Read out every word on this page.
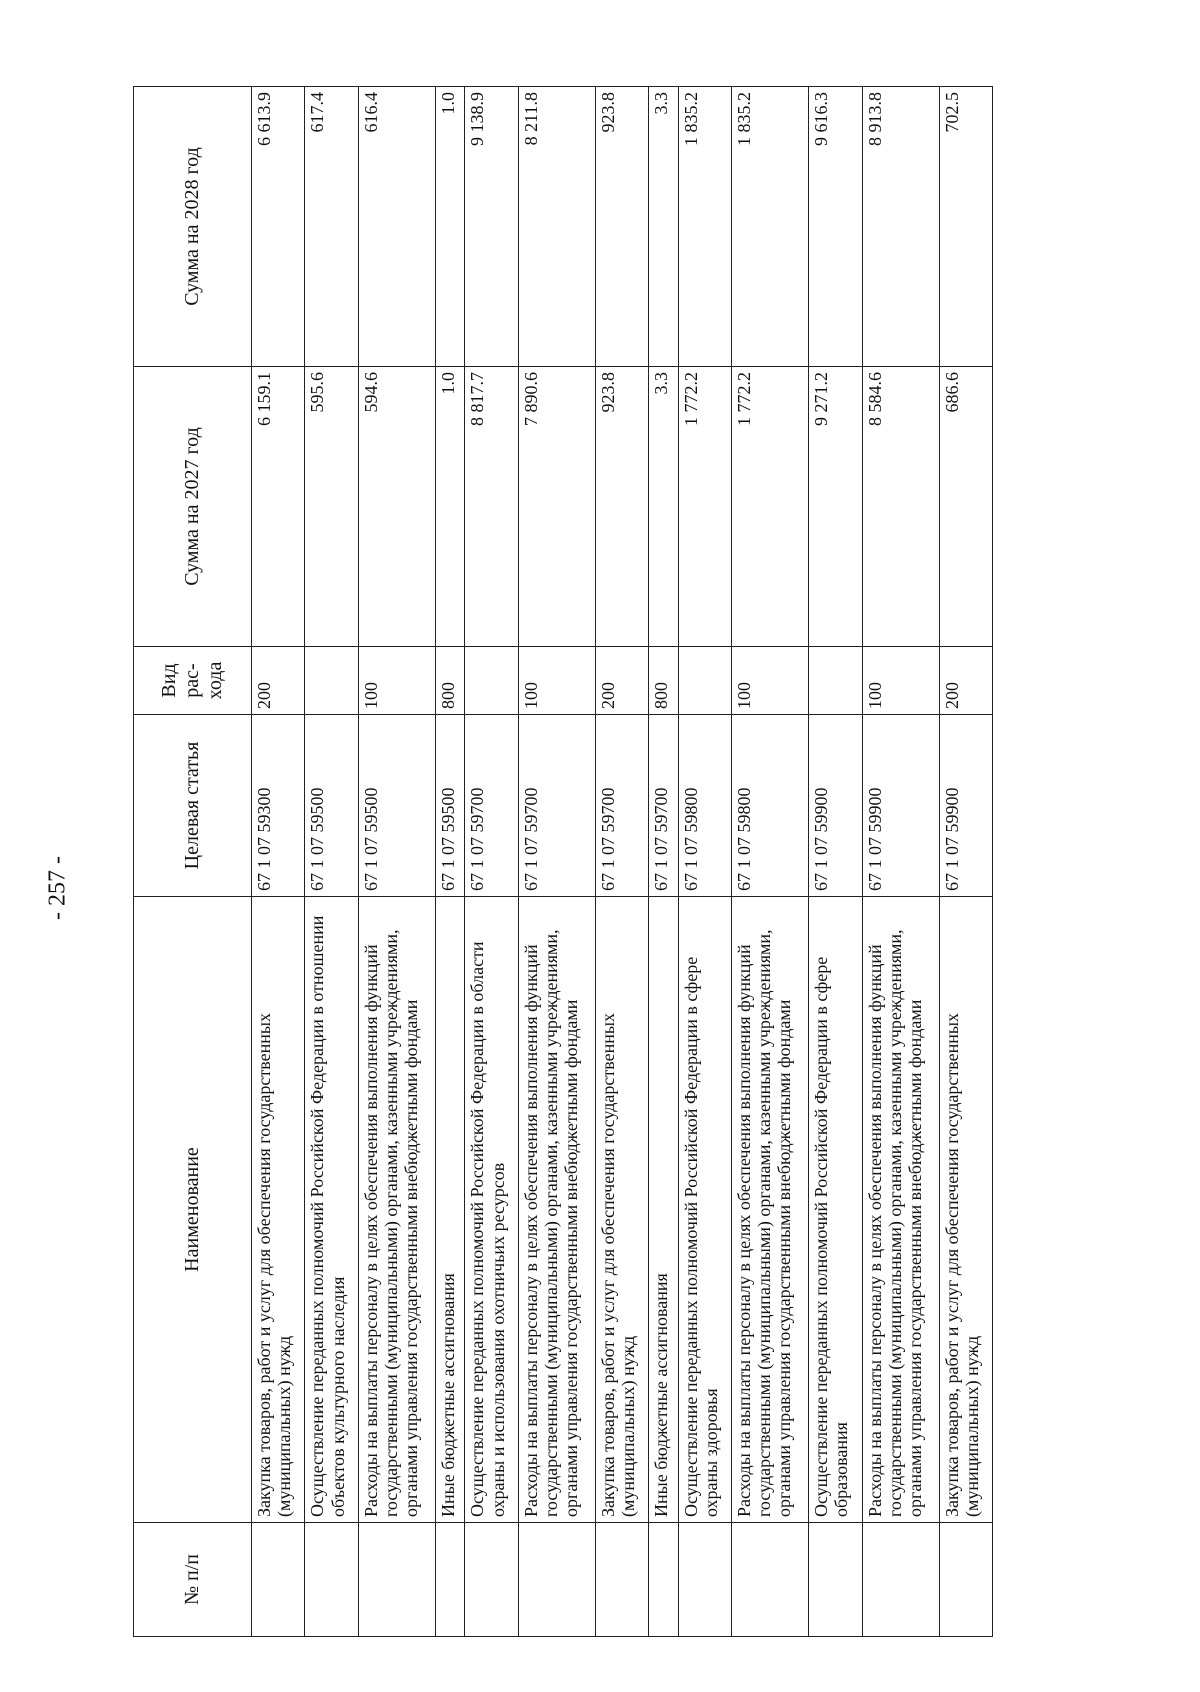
- 257 -
№ п/п	Наименование	Целевая статья	Вид рас-хода	Сумма на 2027 год	Сумма на 2028 год
	Закупка товаров, работ и услуг для обеспечения государственных (муниципальных) нужд	67 1 07 59300	200	6 159.1	6 613.9
	Осуществление переданных полномочий Российской Федерации в отношении объектов культурного наследия	67 1 07 59500		595.6	617.4
	Расходы на выплаты персоналу в целях обеспечения выполнения функций государственными (муниципальными) органами, казенными учреждениями, органами управления государственными внебюджетными фондами	67 1 07 59500	100	594.6	616.4
	Иные бюджетные ассигнования	67 1 07 59500	800	1.0	1.0
	Осуществление переданных полномочий Российской Федерации в области охраны и использования охотничьих ресурсов	67 1 07 59700		8 817.7	9 138.9
	Расходы на выплаты персоналу в целях обеспечения выполнения функций государственными (муниципальными) органами, казенными учреждениями, органами управления государственными внебюджетными фондами	67 1 07 59700	100	7 890.6	8 211.8
	Закупка товаров, работ и услуг для обеспечения государственных (муниципальных) нужд	67 1 07 59700	200	923.8	923.8
	Иные бюджетные ассигнования	67 1 07 59700	800	3.3	3.3
	Осуществление переданных полномочий Российской Федерации в сфере охраны здоровья	67 1 07 59800		1 772.2	1 835.2
	Расходы на выплаты персоналу в целях обеспечения выполнения функций государственными (муниципальными) органами, казенными учреждениями, органами управления государственными внебюджетными фондами	67 1 07 59800	100	1 772.2	1 835.2
	Осуществление переданных полномочий Российской Федерации в сфере образования	67 1 07 59900		9 271.2	9 616.3
	Расходы на выплаты персоналу в целях обеспечения выполнения функций государственными (муниципальными) органами, казенными учреждениями, органами управления государственными внебюджетными фондами	67 1 07 59900	100	8 584.6	8 913.8
	Закупка товаров, работ и услуг для обеспечения государственных (муниципальных) нужд	67 1 07 59900	200	686.6	702.5
